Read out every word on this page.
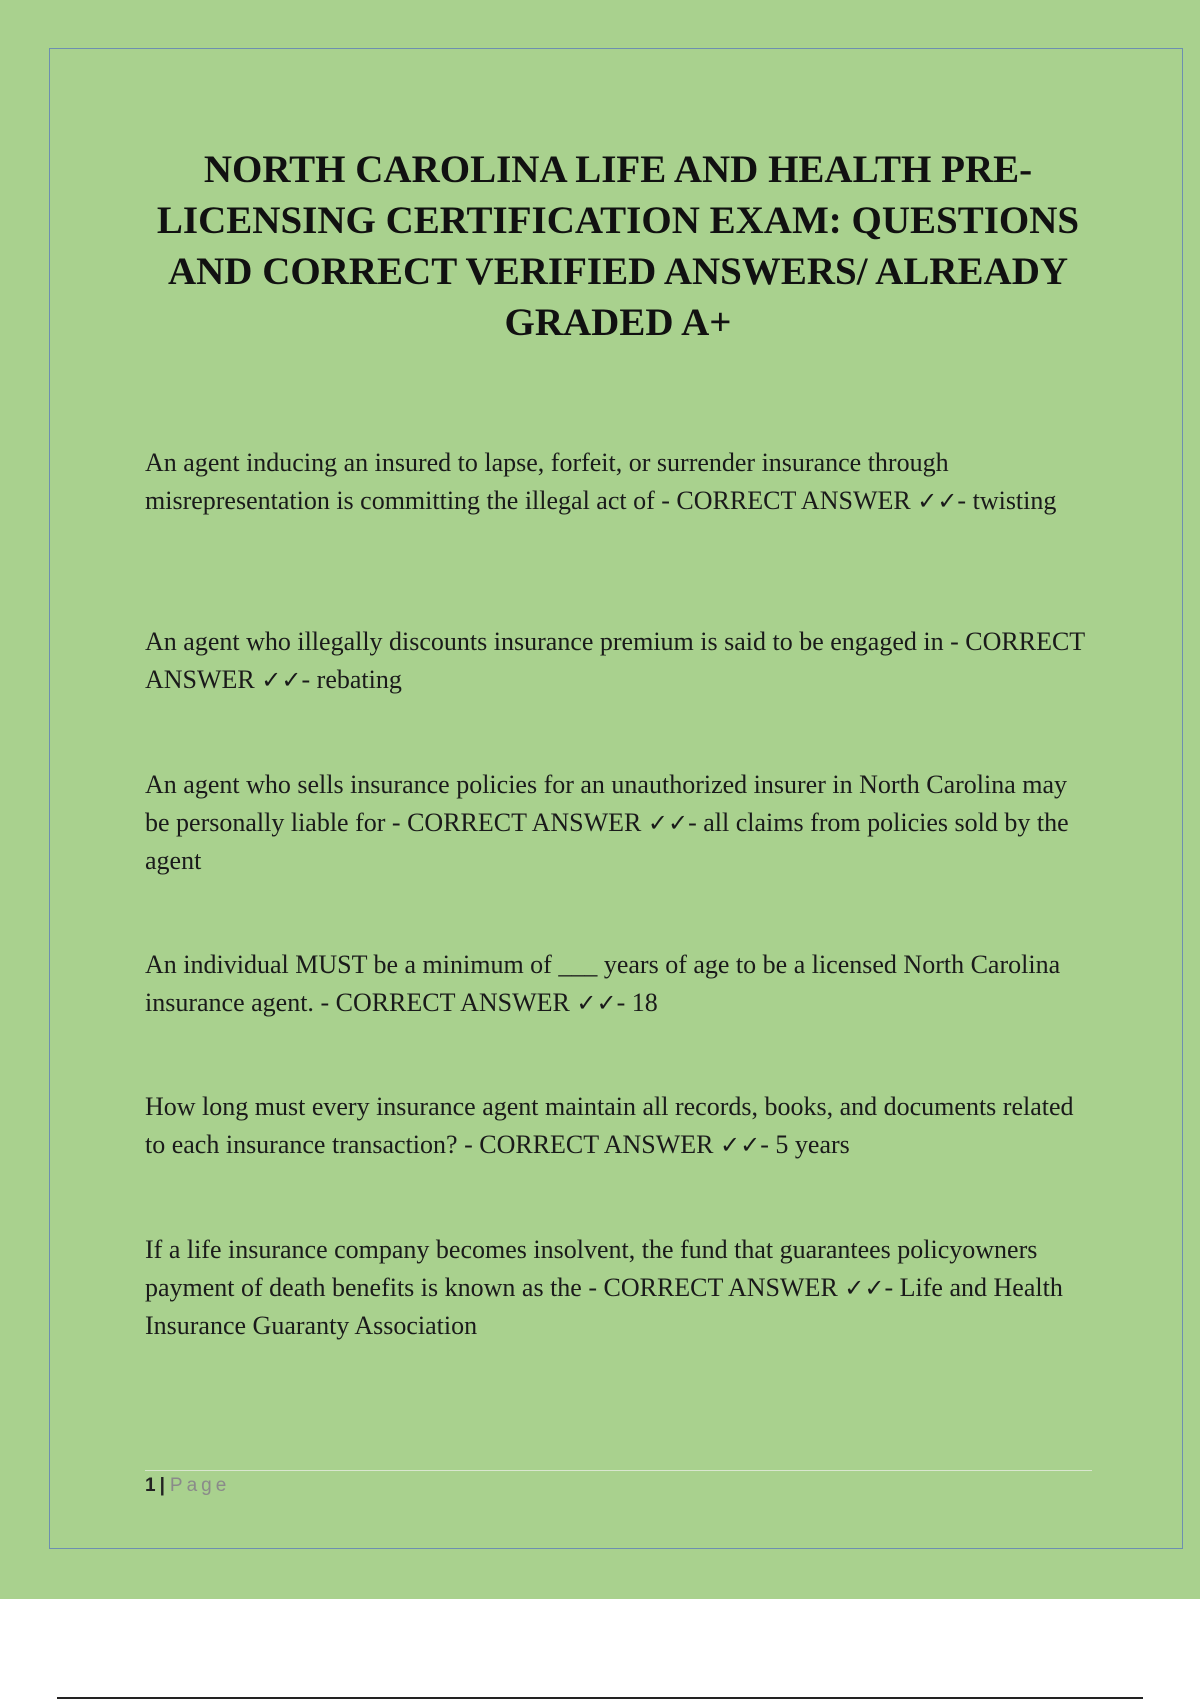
NORTH CAROLINA LIFE AND HEALTH PRE-LICENSING CERTIFICATION EXAM: QUESTIONS AND CORRECT VERIFIED ANSWERS/ ALREADY GRADED A+

An agent inducing an insured to lapse, forfeit, or surrender insurance through misrepresentation is committing the illegal act of - CORRECT ANSWER ✓✓- twisting

An agent who illegally discounts insurance premium is said to be engaged in - CORRECT ANSWER ✓✓- rebating

An agent who sells insurance policies for an unauthorized insurer in North Carolina may be personally liable for - CORRECT ANSWER ✓✓- all claims from policies sold by the agent

An individual MUST be a minimum of ___ years of age to be a licensed North Carolina insurance agent. - CORRECT ANSWER ✓✓- 18

How long must every insurance agent maintain all records, books, and documents related to each insurance transaction? - CORRECT ANSWER ✓✓- 5 years

If a life insurance company becomes insolvent, the fund that guarantees policyowners payment of death benefits is known as the - CORRECT ANSWER ✓✓- Life and Health Insurance Guaranty Association

1 | Page
